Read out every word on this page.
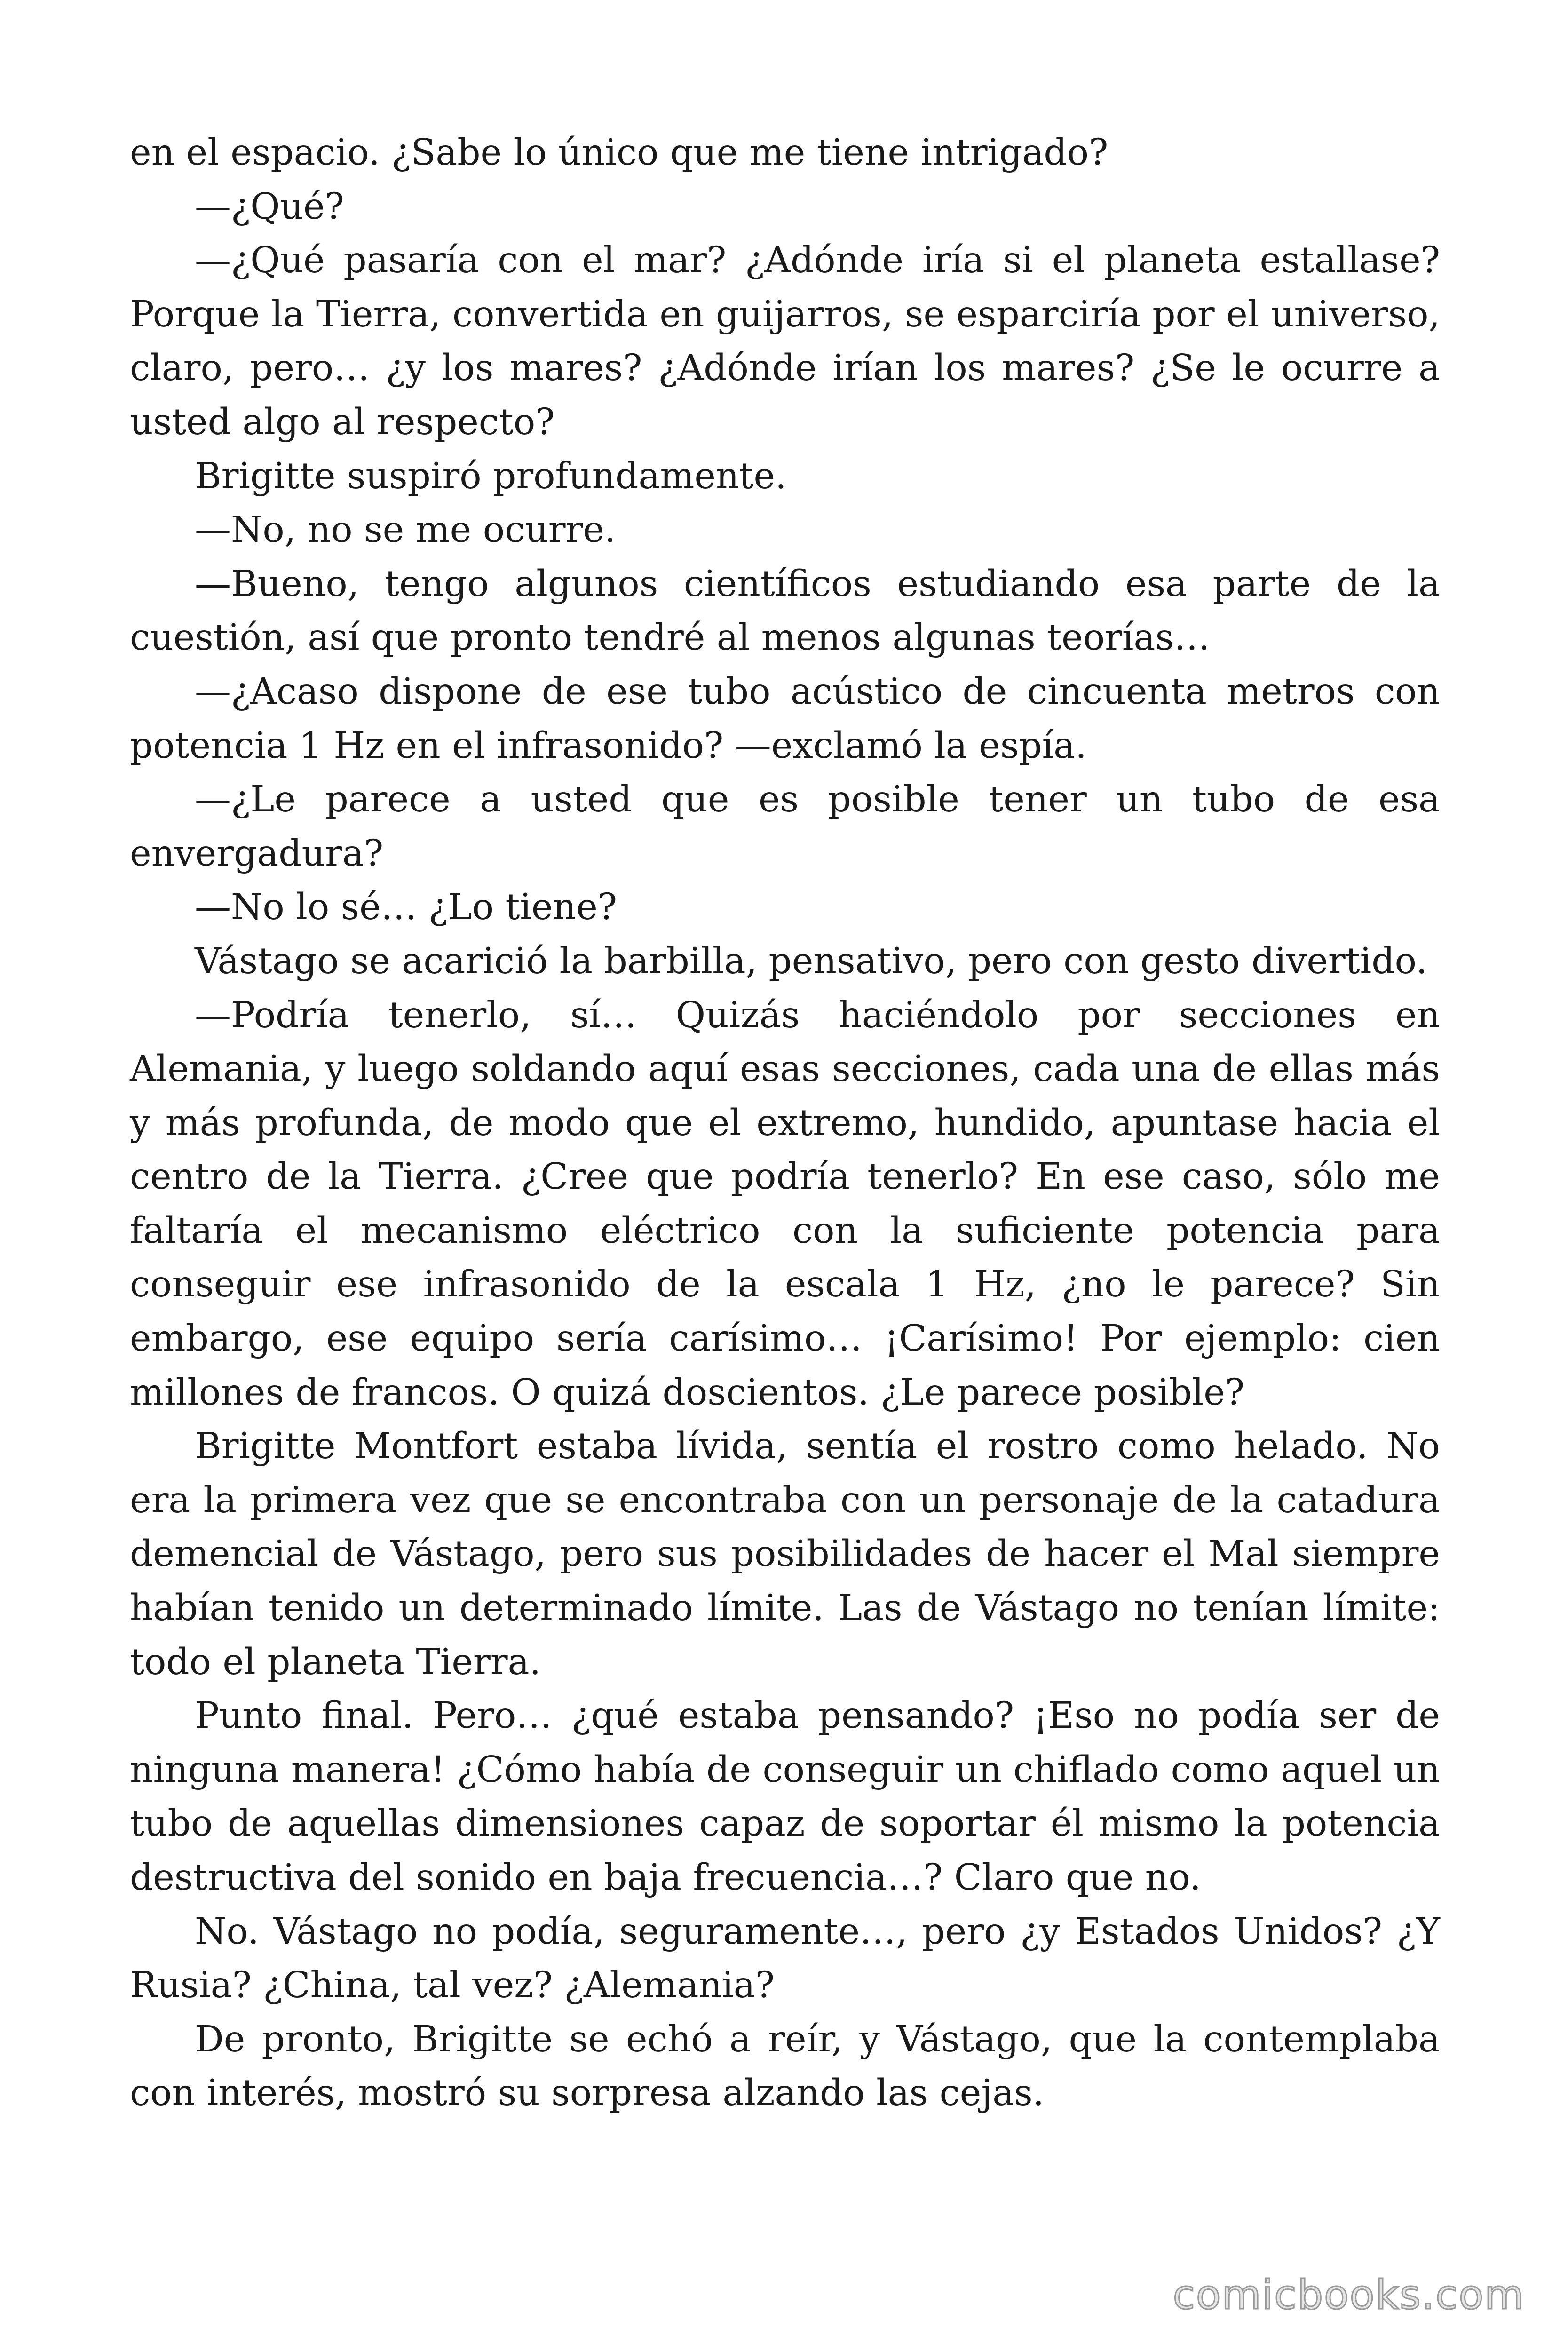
en el espacio. ¿Sabe lo único que me tiene intrigado?

—¿Qué?

—¿Qué pasaría con el mar? ¿Adónde iría si el planeta estallase? Porque la Tierra, convertida en guijarros, se esparciría por el universo, claro, pero… ¿y los mares? ¿Adónde irían los mares? ¿Se le ocurre a usted algo al respecto?

Brigitte suspiró profundamente.

—No, no se me ocurre.

—Bueno, tengo algunos científicos estudiando esa parte de la cuestión, así que pronto tendré al menos algunas teorías…

—¿Acaso dispone de ese tubo acústico de cincuenta metros con potencia 1 Hz en el infrasonido? —exclamó la espía.

—¿Le parece a usted que es posible tener un tubo de esa envergadura?

—No lo sé… ¿Lo tiene?

Vástago se acarició la barbilla, pensativo, pero con gesto divertido.

—Podría tenerlo, sí… Quizás haciéndolo por secciones en Alemania, y luego soldando aquí esas secciones, cada una de ellas más y más profunda, de modo que el extremo, hundido, apuntase hacia el centro de la Tierra. ¿Cree que podría tenerlo? En ese caso, sólo me faltaría el mecanismo eléctrico con la suficiente potencia para conseguir ese infrasonido de la escala 1 Hz, ¿no le parece? Sin embargo, ese equipo sería carísimo… ¡Carísimo! Por ejemplo: cien millones de francos. O quizá doscientos. ¿Le parece posible?

Brigitte Montfort estaba lívida, sentía el rostro como helado. No era la primera vez que se encontraba con un personaje de la catadura demencial de Vástago, pero sus posibilidades de hacer el Mal siempre habían tenido un determinado límite. Las de Vástago no tenían límite: todo el planeta Tierra.

Punto final. Pero… ¿qué estaba pensando? ¡Eso no podía ser de ninguna manera! ¿Cómo había de conseguir un chiflado como aquel un tubo de aquellas dimensiones capaz de soportar él mismo la potencia destructiva del sonido en baja frecuencia…? Claro que no.

No. Vástago no podía, seguramente…, pero ¿y Estados Unidos? ¿Y Rusia? ¿China, tal vez? ¿Alemania?

De pronto, Brigitte se echó a reír, y Vástago, que la contemplaba con interés, mostró su sorpresa alzando las cejas.

comicbooks.com
